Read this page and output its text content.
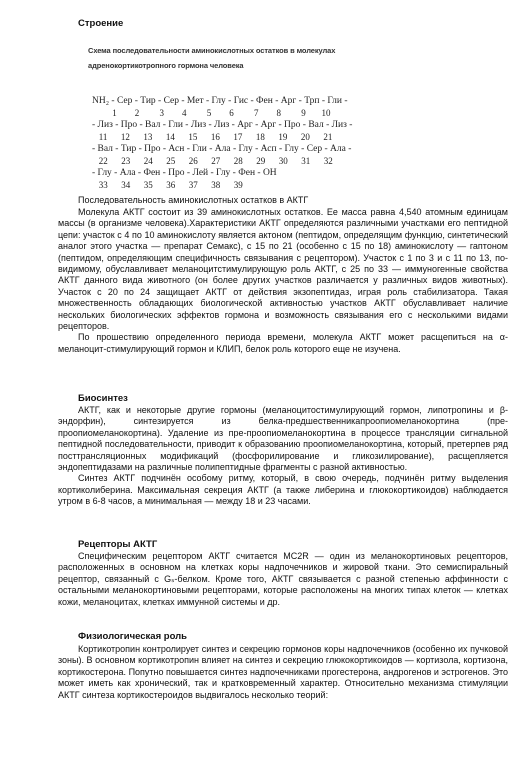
Строение
Схема последовательности аминокислотных остатков в молекулах
адренокортикотропного гормона человека
NH₂ - Сер - Тир - Сер - Мет - Глу - Гис - Фен - Арг - Трп - Гли -
1        2         3        4         5        6         7        8         9       10
- Лиз - Про - Вал - Гли - Лиз - Лиз - Арг - Арг - Про - Вал - Лиз -
11      12      13      14      15      16      17      18      19      20      21
- Вал - Тир - Про - Асн - Гли - Ала - Глу - Асп - Глу - Сер - Ала -
22      23      24      25      26      27      28      29      30      31      32
- Глу - Ала - Фен - Про - Лей - Глу - Фен - OH
33      34      35      36      37      38      39
Последовательность аминокислотных остатков в АКТГ

Молекула АКТГ состоит из 39 аминокислотных остатков. Ее масса равна 4,540 атомным единицам массы (в организме человека).Характеристики АКТГ определяются различными участками его пептидной цепи: участок с 4 по 10 аминокислоту является актоном (пептидом, определящим функцию, синтетический аналог этого участка — препарат Семакс), с 15 по 21 (особенно с 15 по 18) аминокислоту — гаптоном (пептидом, определяющим специфичность связывания с рецептором). Участок с 1 по 3 и с 11 по 13, по-видимому, обуславливает меланоцитстимулирующую роль АКТГ, с 25 по 33 — иммуногенные свойства АКТГ данного вида животного (он более других участков различается у различных видов животных). Участок с 20 по 24 защищает АКТГ от действия экзопептидаз, играя роль стабилизатора. Такая множественность обладающих биологической активностью участков АКТГ обуславливает наличие нескольких биологических эффектов гормона и возможность связывания его с несколькими видами рецепторов.

По прошествию определенного периода времени, молекула АКТГ может расщепиться на α-меланоцит-стимулирующий гормон и КЛИП, белок роль которого еще не изучена.

Биосинтез

АКТГ, как и некоторые другие гормоны (меланоцитостимулирующий гормон, липотропины и β-эндорфин), синтезируется из белка-предшественникапроопиомеланокортина (пре-проопиомеланокортина). Удаление из пре-проопиомеланокортина в процессе трансляции сигнальной пептидной последовательности, приводит к образованию проопиомеланокортина, который, претерпев ряд посттрансляционных модификаций (фосфорилирование и гликозилирование), расщепляется эндопептидазами на различные полипептидные фрагменты с разной активностью.

Синтез АКТГ подчинён особому ритму, который, в свою очередь, подчинён ритму выделения кортиколиберина. Максимальная секреция АКТГ (а также либерина и глюкокортикоидов) наблюдается утром в 6-8 часов, а минимальная — между 18 и 23 часами.

Рецепторы АКТГ

Специфическим рецептором АКТГ считается MC2R — один из меланокортиновых рецепторов, расположенных в основном на клетках коры надпочечников и жировой ткани. Это семиспиральный рецептор, связанный с Gₛ-белком. Кроме того, АКТГ связывается с разной степенью аффинности с остальными меланокортиновыми рецепторами, которые расположены на многих типах клеток — клетках кожи, меланоцитах, клетках иммунной системы и др.

Физиологическая роль

Кортикотропин контролирует синтез и секрецию гормонов коры надпочечников (особенно их пучковой зоны). В основном кортикотропин влияет на синтез и секрецию глюкокортикоидов — кортизола, кортизона, кортикостерона. Попутно повышается синтез надпочечниками прогестерона, андрогенов и эстрогенов. Это может иметь как хронический, так и кратковременный характер. Относительно механизма стимуляции АКТГ синтеза кортикостероидов выдвигалось несколько теорий:
